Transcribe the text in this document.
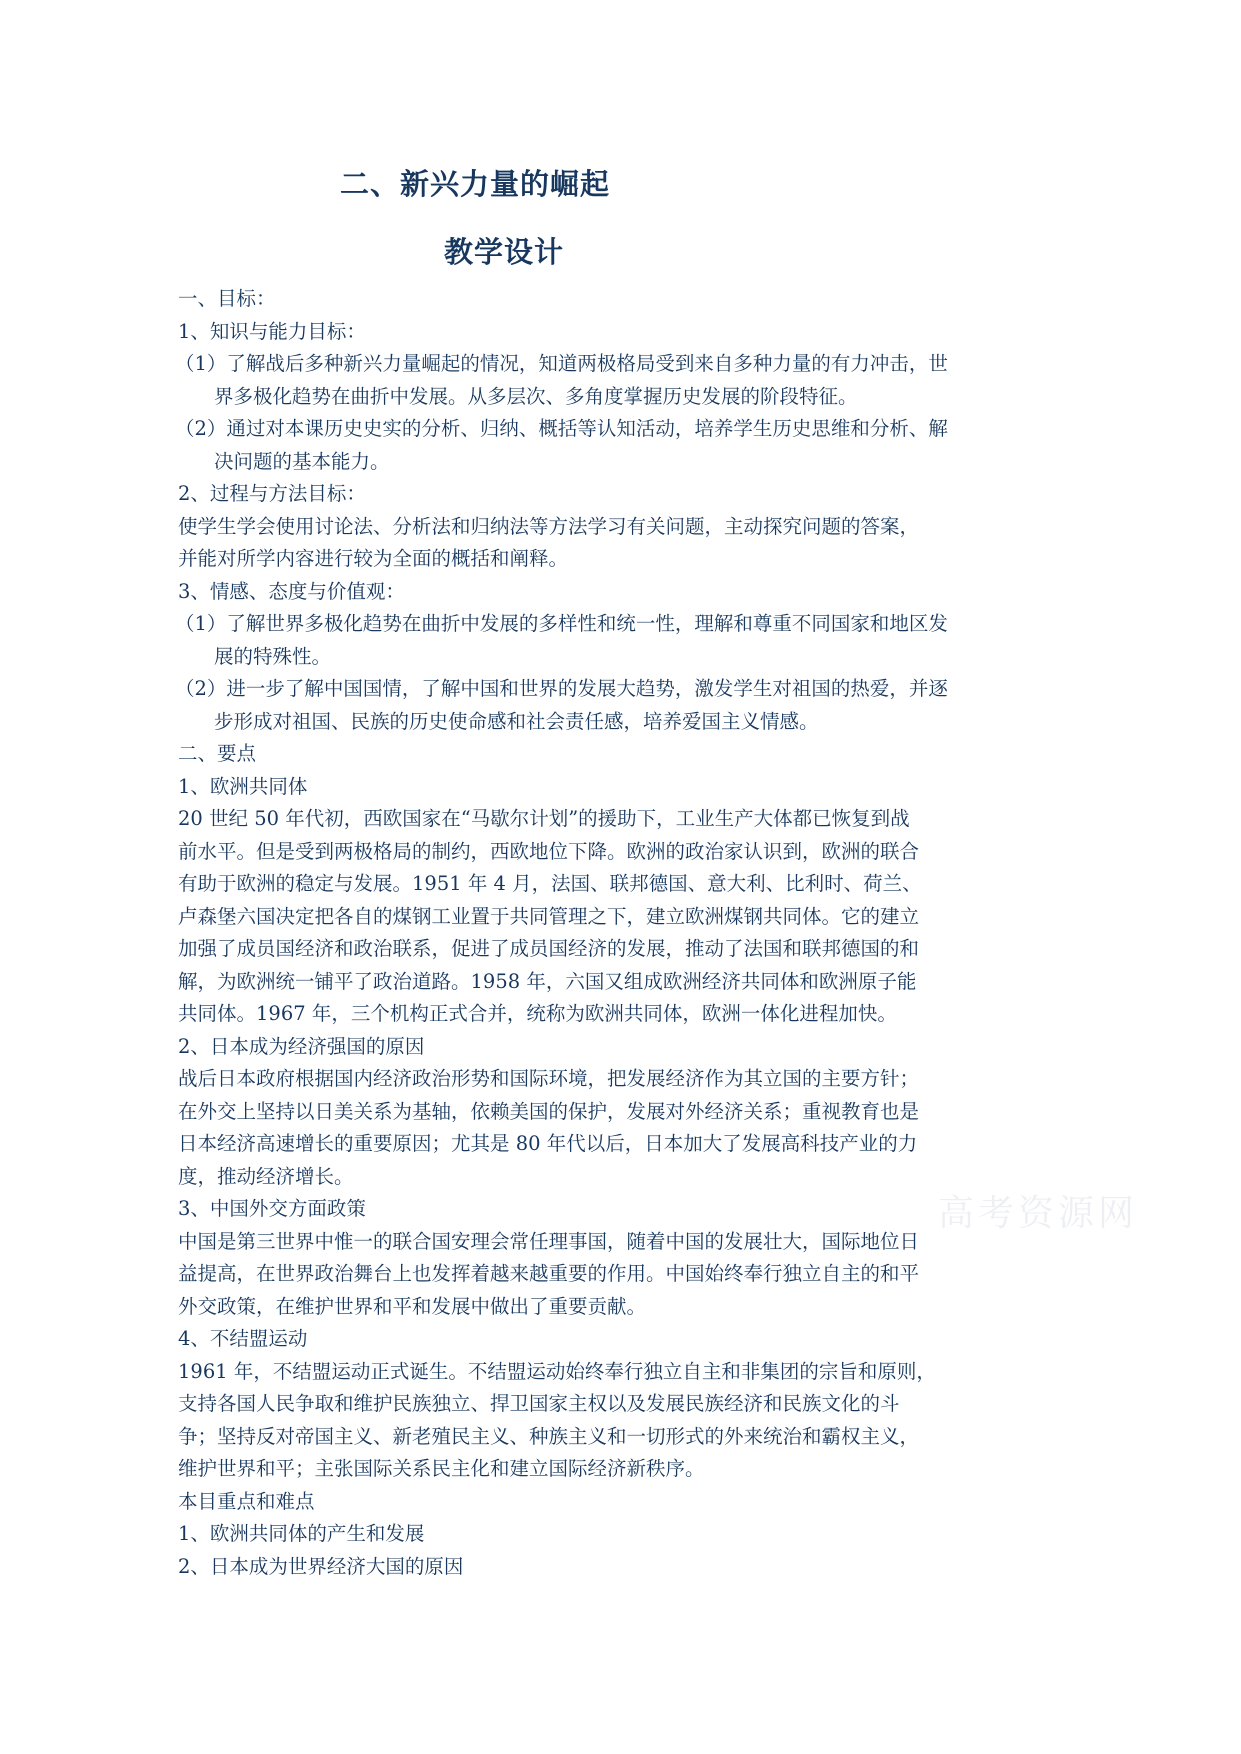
二、新兴力量的崛起
教学设计
一、目标：
1、知识与能力目标：
（1）了解战后多种新兴力量崛起的情况，知道两极格局受到来自多种力量的有力冲击，世
界多极化趋势在曲折中发展。从多层次、多角度掌握历史发展的阶段特征。
（2）通过对本课历史史实的分析、归纳、概括等认知活动，培养学生历史思维和分析、解
决问题的基本能力。
2、过程与方法目标：
使学生学会使用讨论法、分析法和归纳法等方法学习有关问题，主动探究问题的答案，
并能对所学内容进行较为全面的概括和阐释。
3、情感、态度与价值观：
（1）了解世界多极化趋势在曲折中发展的多样性和统一性，理解和尊重不同国家和地区发
展的特殊性。
（2）进一步了解中国国情，了解中国和世界的发展大趋势，激发学生对祖国的热爱，并逐
步形成对祖国、民族的历史使命感和社会责任感，培养爱国主义情感。
二、要点
1、欧洲共同体
20 世纪 50 年代初，西欧国家在“马歇尔计划”的援助下，工业生产大体都已恢复到战
前水平。但是受到两极格局的制约，西欧地位下降。欧洲的政治家认识到，欧洲的联合
有助于欧洲的稳定与发展。1951 年 4 月，法国、联邦德国、意大利、比利时、荷兰、
卢森堡六国决定把各自的煤钢工业置于共同管理之下，建立欧洲煤钢共同体。它的建立
加强了成员国经济和政治联系，促进了成员国经济的发展，推动了法国和联邦德国的和
解，为欧洲统一铺平了政治道路。1958 年，六国又组成欧洲经济共同体和欧洲原子能
共同体。1967 年，三个机构正式合并，统称为欧洲共同体，欧洲一体化进程加快。
2、日本成为经济强国的原因
战后日本政府根据国内经济政治形势和国际环境，把发展经济作为其立国的主要方针；
在外交上坚持以日美关系为基轴，依赖美国的保护，发展对外经济关系；重视教育也是
日本经济高速增长的重要原因；尤其是 80 年代以后，日本加大了发展高科技产业的力
度，推动经济增长。
3、中国外交方面政策
中国是第三世界中惟一的联合国安理会常任理事国，随着中国的发展壮大，国际地位日
益提高，在世界政治舞台上也发挥着越来越重要的作用。中国始终奉行独立自主的和平
外交政策，在维护世界和平和发展中做出了重要贡献。
4、不结盟运动
1961 年，不结盟运动正式诞生。不结盟运动始终奉行独立自主和非集团的宗旨和原则，
支持各国人民争取和维护民族独立、捍卫国家主权以及发展民族经济和民族文化的斗
争；坚持反对帝国主义、新老殖民主义、种族主义和一切形式的外来统治和霸权主义，
维护世界和平；主张国际关系民主化和建立国际经济新秩序。
本目重点和难点
1、欧洲共同体的产生和发展
2、日本成为世界经济大国的原因
高考资源网
